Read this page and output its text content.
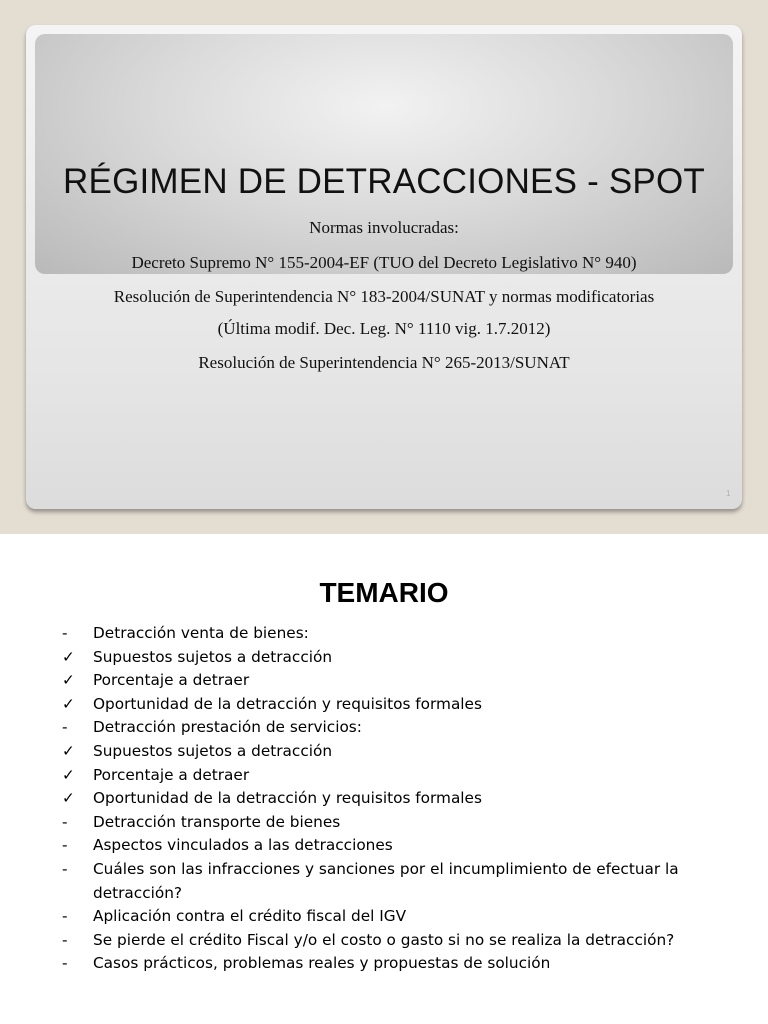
RÉGIMEN DE DETRACCIONES - SPOT
Normas involucradas:
Decreto Supremo N° 155-2004-EF (TUO del Decreto Legislativo N° 940)
Resolución de Superintendencia N° 183-2004/SUNAT y normas modificatorias
(Última modif. Dec. Leg. N° 1110 vig. 1.7.2012)
Resolución de Superintendencia N° 265-2013/SUNAT
1
TEMARIO
-	Detracción venta de bienes:
✓	Supuestos sujetos a detracción
✓	Porcentaje a detraer
✓	Oportunidad de la detracción y requisitos formales
-	Detracción prestación de servicios:
✓	Supuestos sujetos a detracción
✓	Porcentaje a detraer
✓	Oportunidad de la detracción y requisitos formales
-	Detracción transporte de bienes
-	Aspectos vinculados a las detracciones
-	Cuáles son las infracciones y sanciones por el incumplimiento de efectuar la detracción?
-	Aplicación contra el crédito fiscal del IGV
-	Se pierde el crédito Fiscal y/o el costo o gasto si no se realiza la detracción?
-	Casos prácticos, problemas reales y propuestas de solución
